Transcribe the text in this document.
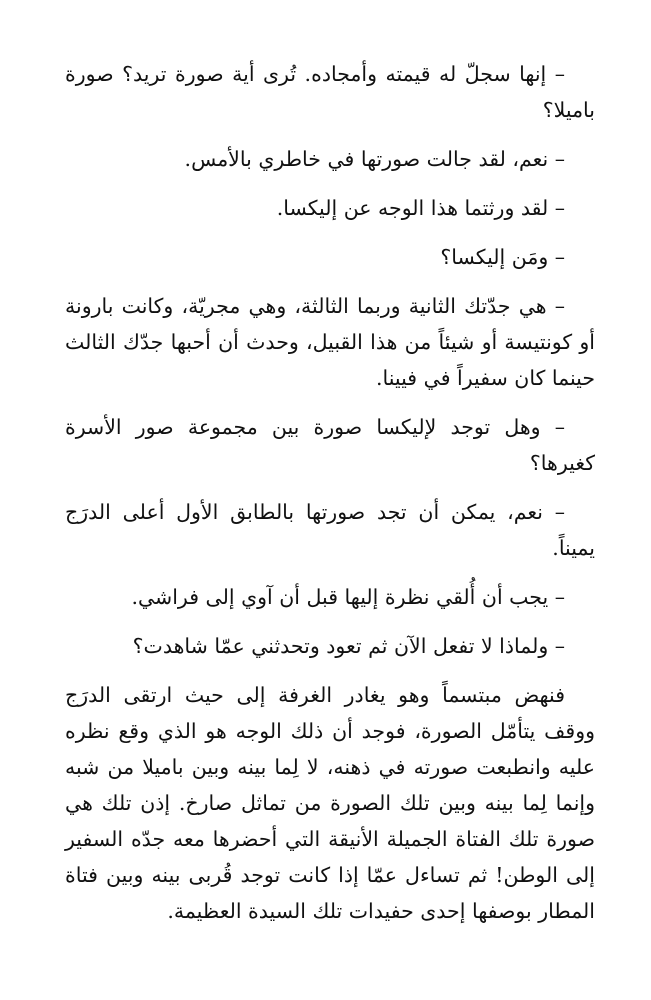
– إنها سجلّ له قيمته وأمجاده. تُرى أية صورة تريد؟ صورة باميلا؟

– نعم، لقد جالت صورتها في خاطري بالأمس.

– لقد ورثتما هذا الوجه عن إليكسا.

– ومَن إليكسا؟

– هي جدّتك الثانية وربما الثالثة، وهي مجريّة، وكانت بارونة أو كونتيسة أو شيئاً من هذا القبيل، وحدث أن أحبها جدّك الثالث حينما كان سفيراً في فيينا.

– وهل توجد لإليكسا صورة بين مجموعة صور الأسرة كغيرها؟

– نعم، يمكن أن تجد صورتها بالطابق الأول أعلى الدرَج يميناً.

– يجب أن أُلقي نظرة إليها قبل أن آوي إلى فراشي.

– ولماذا لا تفعل الآن ثم تعود وتحدثني عمّا شاهدت؟

فنهض مبتسماً وهو يغادر الغرفة إلى حيث ارتقى الدرَج ووقف يتأمّل الصورة، فوجد أن ذلك الوجه هو الذي وقع نظره عليه وانطبعت صورته في ذهنه، لا لِما بينه وبين باميلا من شبه وإنما لِما بينه وبين تلك الصورة من تماثل صارخ. إذن تلك هي صورة تلك الفتاة الجميلة الأنيقة التي أحضرها معه جدّه السفير إلى الوطن! ثم تساءل عمّا إذا كانت توجد قُربى بينه وبين فتاة المطار بوصفها إحدى حفيدات تلك السيدة العظيمة.
